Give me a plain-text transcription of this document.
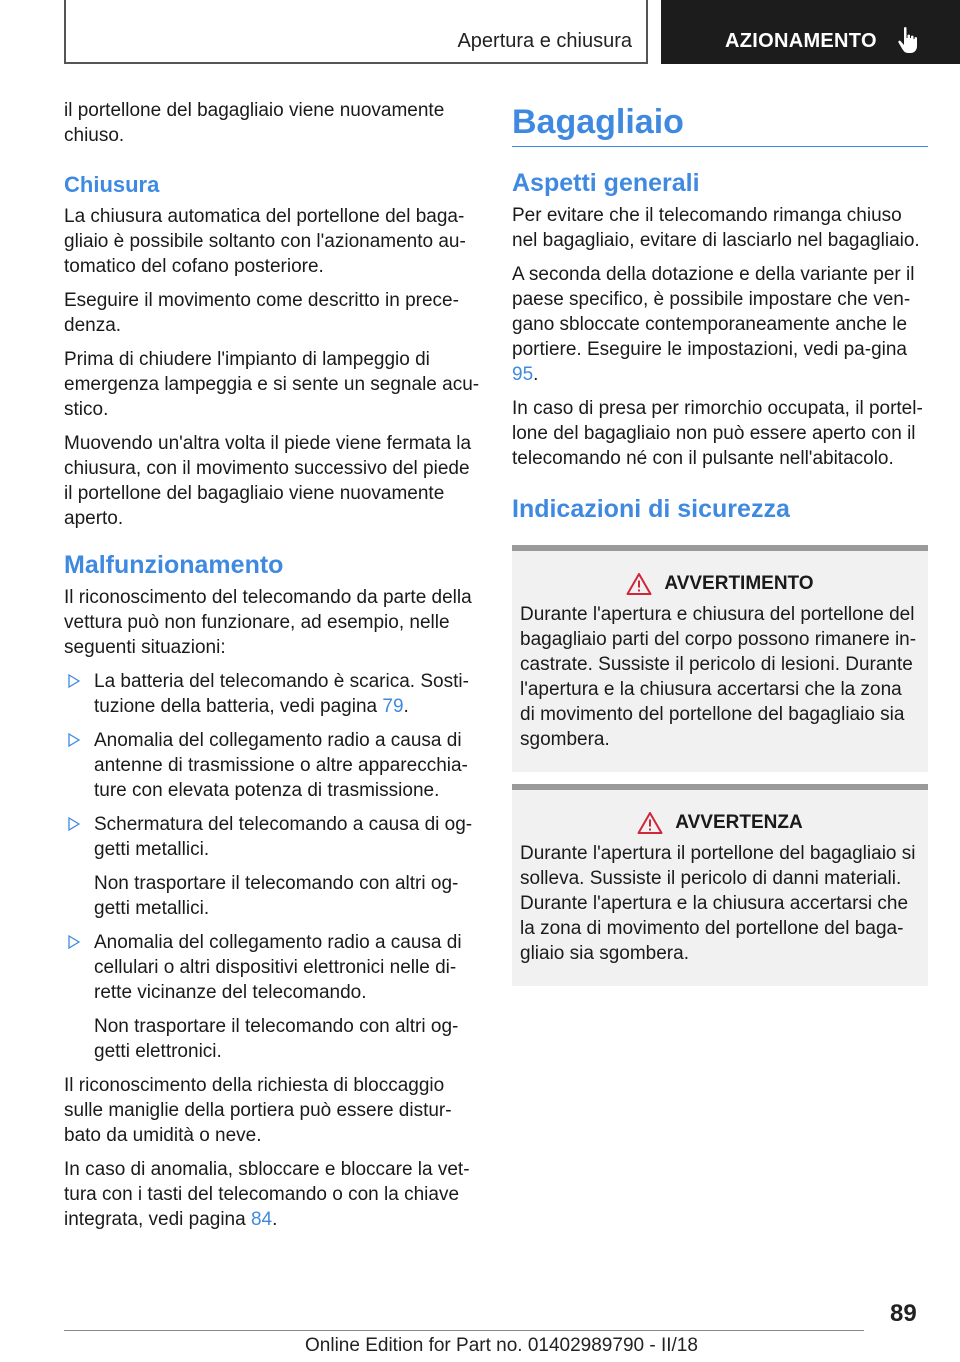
Apertura e chiusura	AZIONAMENTO

il portellone del bagagliaio viene nuovamente chiuso.

Chiusura

La chiusura automatica del portellone del baga-gliaio è possibile soltanto con l'azionamento au-tomatico del cofano posteriore.

Eseguire il movimento come descritto in prece-denza.

Prima di chiudere l'impianto di lampeggio di emergenza lampeggia e si sente un segnale acu-stico.

Muovendo un'altra volta il piede viene fermata la chiusura, con il movimento successivo del piede il portellone del bagagliaio viene nuovamente aperto.

Malfunzionamento

Il riconoscimento del telecomando da parte della vettura può non funzionare, ad esempio, nelle seguenti situazioni:

La batteria del telecomando è scarica. Sosti-tuzione della batteria, vedi pagina 79.
Anomalia del collegamento radio a causa di antenne di trasmissione o altre apparecchia-ture con elevata potenza di trasmissione.
Schermatura del telecomando a causa di og-getti metallici.
Non trasportare il telecomando con altri og-getti metallici.
Anomalia del collegamento radio a causa di cellulari o altri dispositivi elettronici nelle di-rette vicinanze del telecomando.
Non trasportare il telecomando con altri og-getti elettronici.

Il riconoscimento della richiesta di bloccaggio sulle maniglie della portiera può essere distur-bato da umidità o neve.

In caso di anomalia, sbloccare e bloccare la vet-tura con i tasti del telecomando o con la chiave integrata, vedi pagina 84.

Bagagliaio
Aspetti generali

Per evitare che il telecomando rimanga chiuso nel bagagliaio, evitare di lasciarlo nel bagagliaio.

A seconda della dotazione e della variante per il paese specifico, è possibile impostare che ven-gano sbloccate contemporaneamente anche le portiere. Eseguire le impostazioni, vedi pa-gina 95.

In caso di presa per rimorchio occupata, il portel-lone del bagagliaio non può essere aperto con il telecomando né con il pulsante nell'abitacolo.

Indicazioni di sicurezza
AVVERTIMENTO

Durante l'apertura e chiusura del portellone del bagagliaio parti del corpo possono rimanere in-castrate. Sussiste il pericolo di lesioni. Durante l'apertura e la chiusura accertarsi che la zona di movimento del portellone del bagagliaio sia sgombera.

AVVERTENZA

Durante l'apertura il portellone del bagagliaio si solleva. Sussiste il pericolo di danni materiali. Durante l'apertura e la chiusura accertarsi che la zona di movimento del portellone del baga-gliaio sia sgombera.

89
Online Edition for Part no. 01402989790 - II/18
